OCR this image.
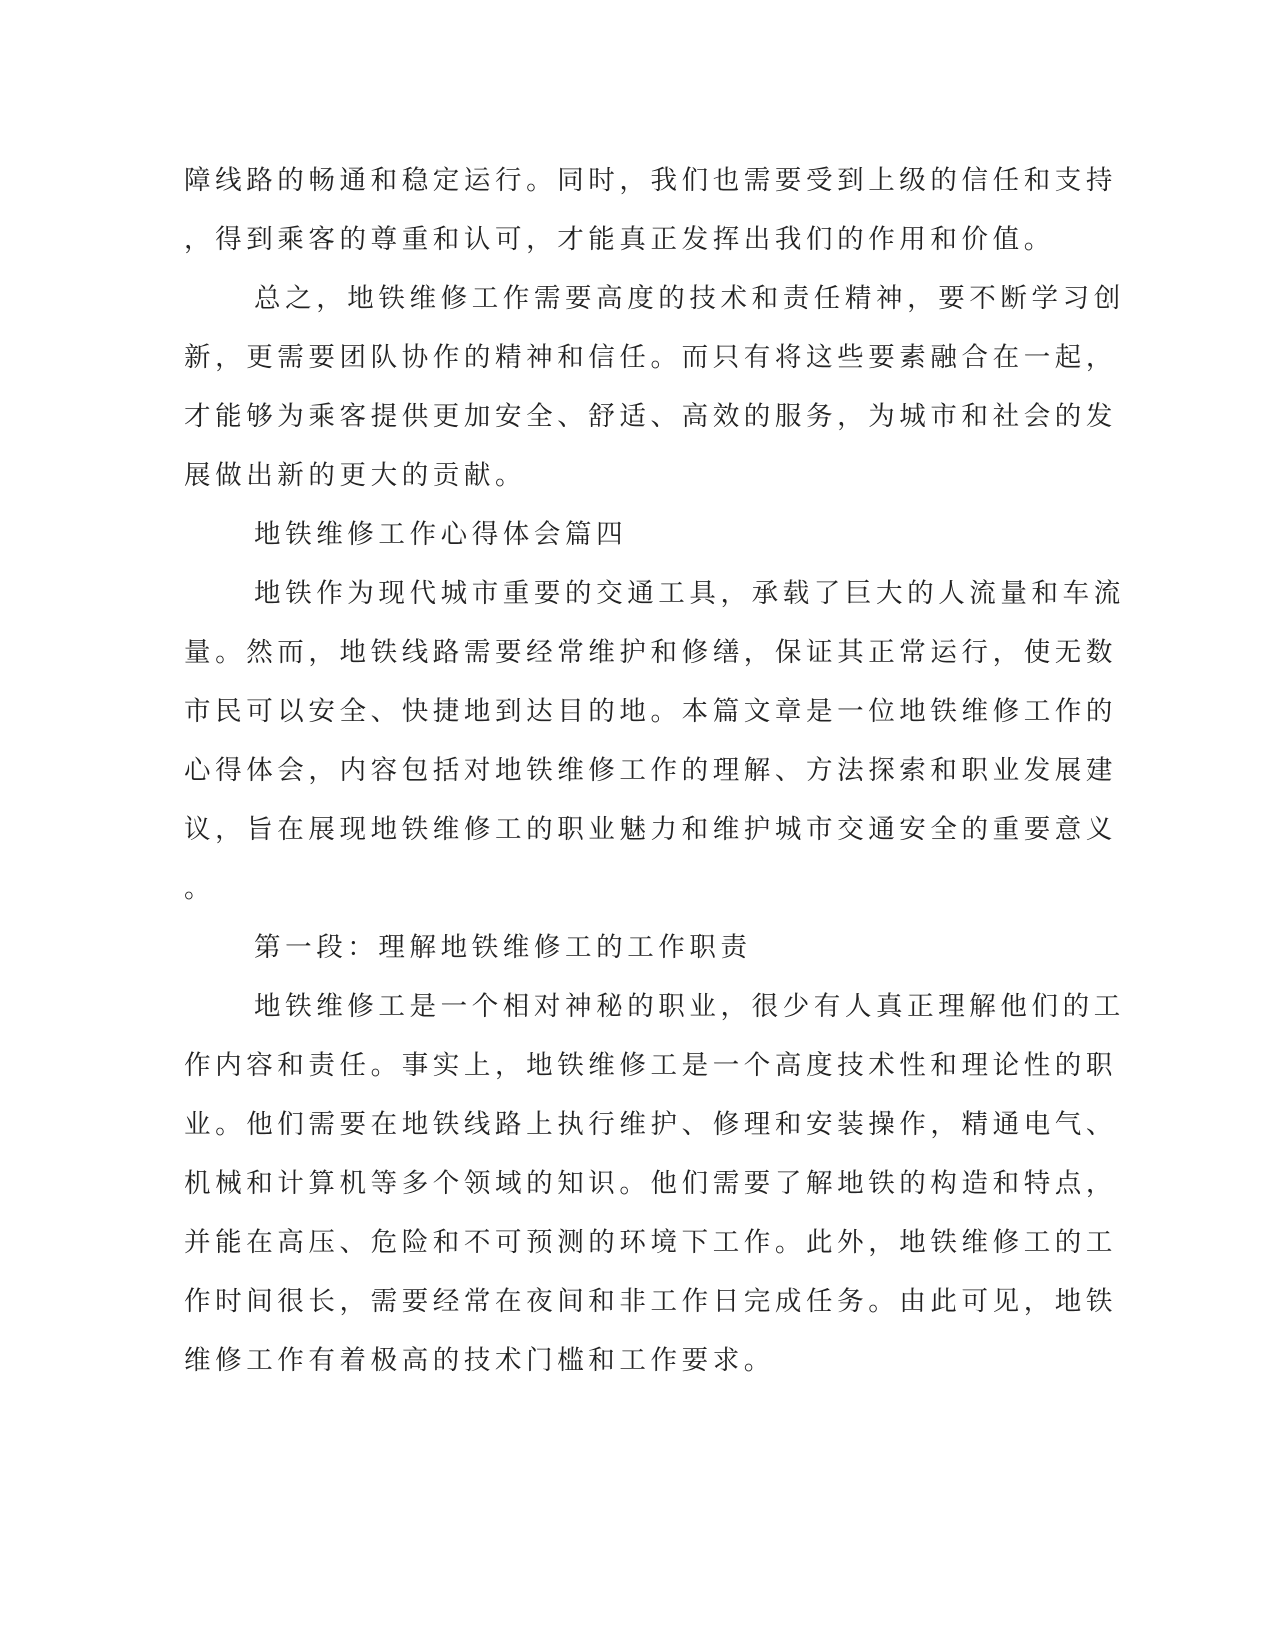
障线路的畅通和稳定运行。同时，我们也需要受到上级的信任和支持
，得到乘客的尊重和认可，才能真正发挥出我们的作用和价值。
总之，地铁维修工作需要高度的技术和责任精神，要不断学习创
新，更需要团队协作的精神和信任。而只有将这些要素融合在一起，
才能够为乘客提供更加安全、舒适、高效的服务，为城市和社会的发
展做出新的更大的贡献。
地铁维修工作心得体会篇四
地铁作为现代城市重要的交通工具，承载了巨大的人流量和车流
量。然而，地铁线路需要经常维护和修缮，保证其正常运行，使无数
市民可以安全、快捷地到达目的地。本篇文章是一位地铁维修工作的
心得体会，内容包括对地铁维修工作的理解、方法探索和职业发展建
议，旨在展现地铁维修工的职业魅力和维护城市交通安全的重要意义
。
第一段：理解地铁维修工的工作职责
地铁维修工是一个相对神秘的职业，很少有人真正理解他们的工
作内容和责任。事实上，地铁维修工是一个高度技术性和理论性的职
业。他们需要在地铁线路上执行维护、修理和安装操作，精通电气、
机械和计算机等多个领域的知识。他们需要了解地铁的构造和特点，
并能在高压、危险和不可预测的环境下工作。此外，地铁维修工的工
作时间很长，需要经常在夜间和非工作日完成任务。由此可见，地铁
维修工作有着极高的技术门槛和工作要求。
